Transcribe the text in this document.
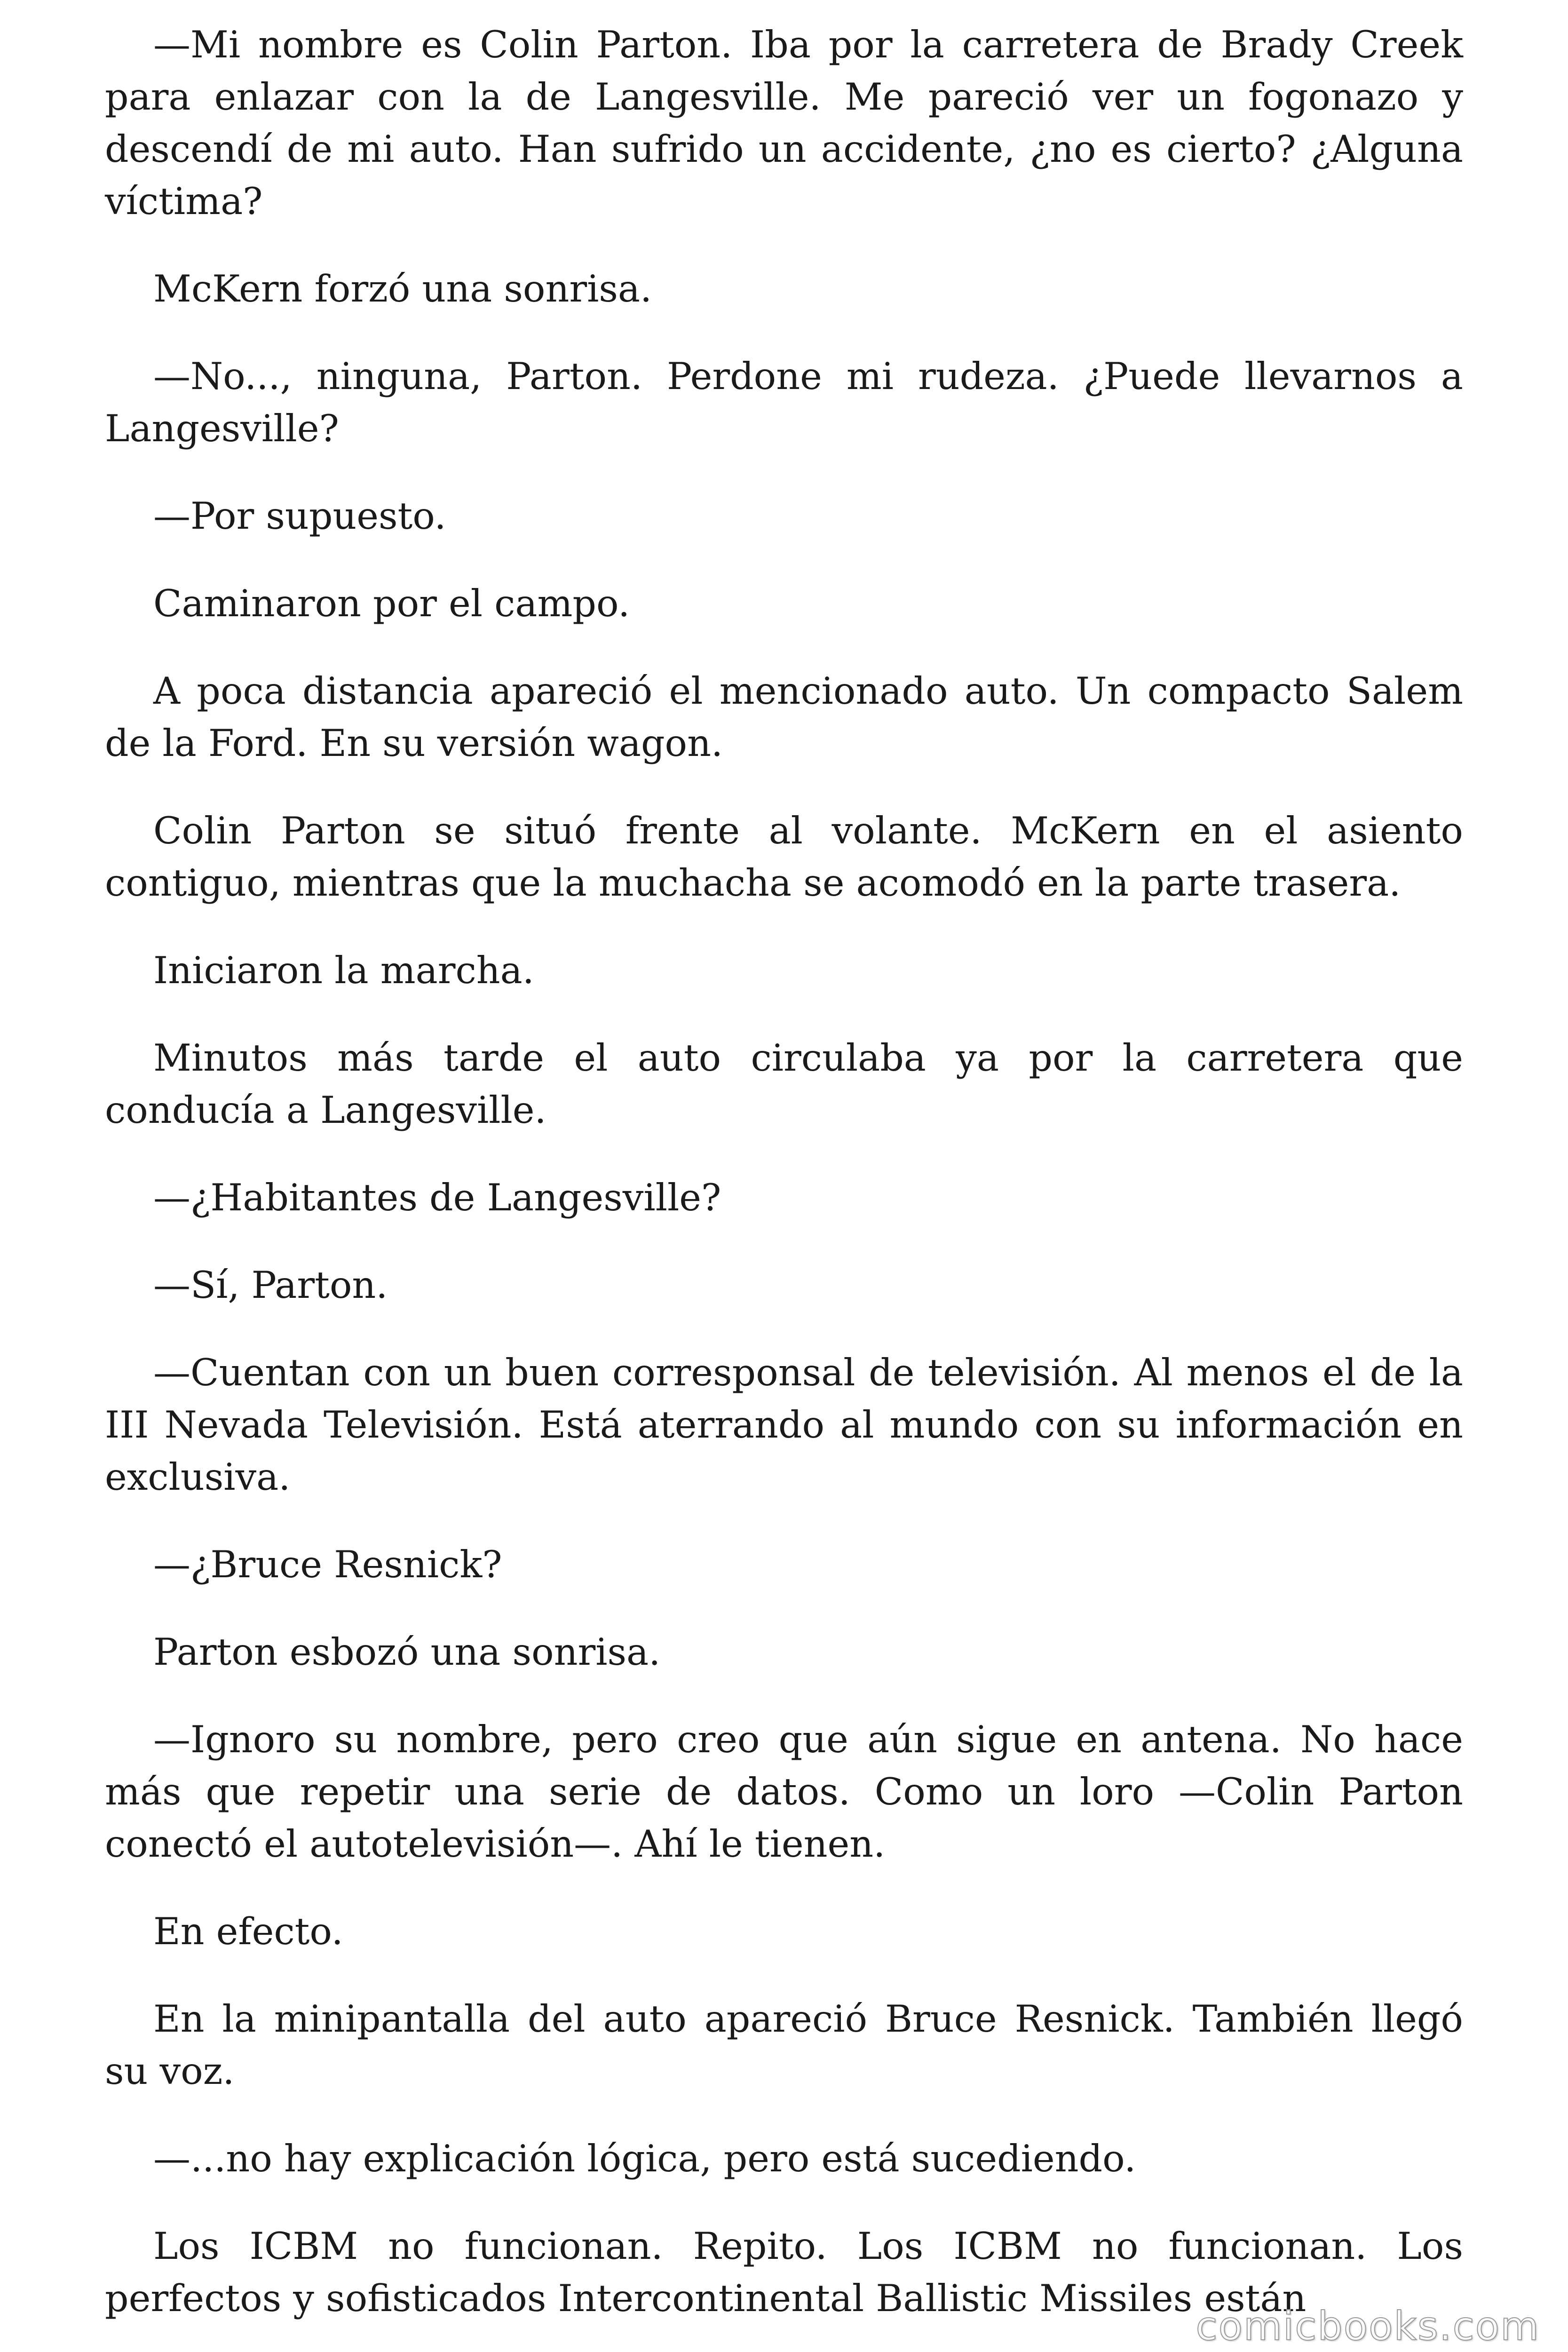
—Mi nombre es Colin Parton. Iba por la carretera de Brady Creek para enlazar con la de Langesville. Me pareció ver un fogonazo y descendí de mi auto. Han sufrido un accidente, ¿no es cierto? ¿Alguna víctima?

McKern forzó una sonrisa.

—No..., ninguna, Parton. Perdone mi rudeza. ¿Puede llevarnos a Langesville?

—Por supuesto.

Caminaron por el campo.

A poca distancia apareció el mencionado auto. Un compacto Salem de la Ford. En su versión wagon.

Colin Parton se situó frente al volante. McKern en el asiento contiguo, mientras que la muchacha se acomodó en la parte trasera.

Iniciaron la marcha.

Minutos más tarde el auto circulaba ya por la carretera que conducía a Langesville.

—¿Habitantes de Langesville?

—Sí, Parton.

—Cuentan con un buen corresponsal de televisión. Al menos el de la III Nevada Televisión. Está aterrando al mundo con su información en exclusiva.

—¿Bruce Resnick?

Parton esbozó una sonrisa.

—Ignoro su nombre, pero creo que aún sigue en antena. No hace más que repetir una serie de datos. Como un loro —Colin Parton conectó el autotelevisión—. Ahí le tienen.

En efecto.

En la minipantalla del auto apareció Bruce Resnick. También llegó su voz.

—...no hay explicación lógica, pero está sucediendo.

Los ICBM no funcionan. Repito. Los ICBM no funcionan. Los perfectos y sofisticados Intercontinental Ballistic Missiles están

comicbooks.com
